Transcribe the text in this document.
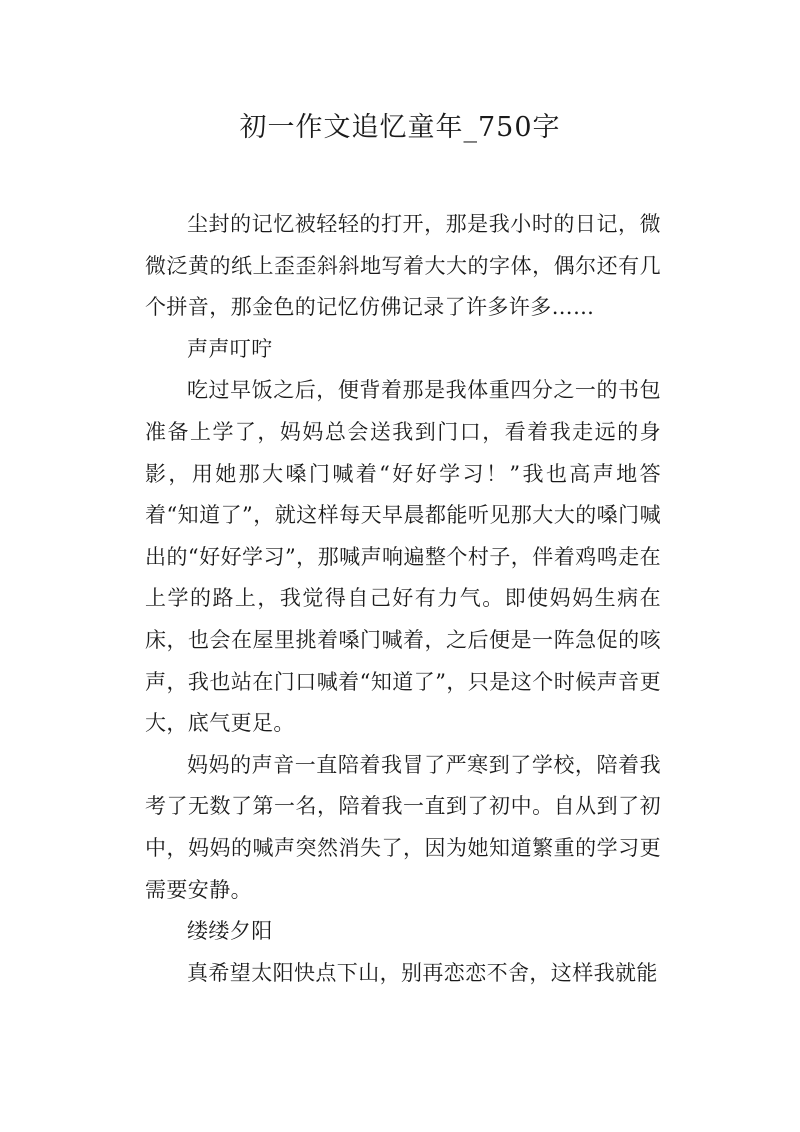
初一作文追忆童年_750字

尘封的记忆被轻轻的打开，那是我小时的日记，微微泛黄的纸上歪歪斜斜地写着大大的字体，偶尔还有几个拼音，那金色的记忆仿佛记录了许多许多……

声声叮咛

吃过早饭之后，便背着那是我体重四分之一的书包准备上学了，妈妈总会送我到门口，看着我走远的身影，用她那大嗓门喊着“好好学习！”我也高声地答着“知道了”，就这样每天早晨都能听见那大大的嗓门喊出的“好好学习”，那喊声响遍整个村子，伴着鸡鸣走在上学的路上，我觉得自己好有力气。即使妈妈生病在床，也会在屋里挑着嗓门喊着，之后便是一阵急促的咳声，我也站在门口喊着“知道了”，只是这个时候声音更大，底气更足。

妈妈的声音一直陪着我冒了严寒到了学校，陪着我考了无数了第一名，陪着我一直到了初中。自从到了初中，妈妈的喊声突然消失了，因为她知道繁重的学习更需要安静。

缕缕夕阳

真希望太阳快点下山，别再恋恋不舍，这样我就能
